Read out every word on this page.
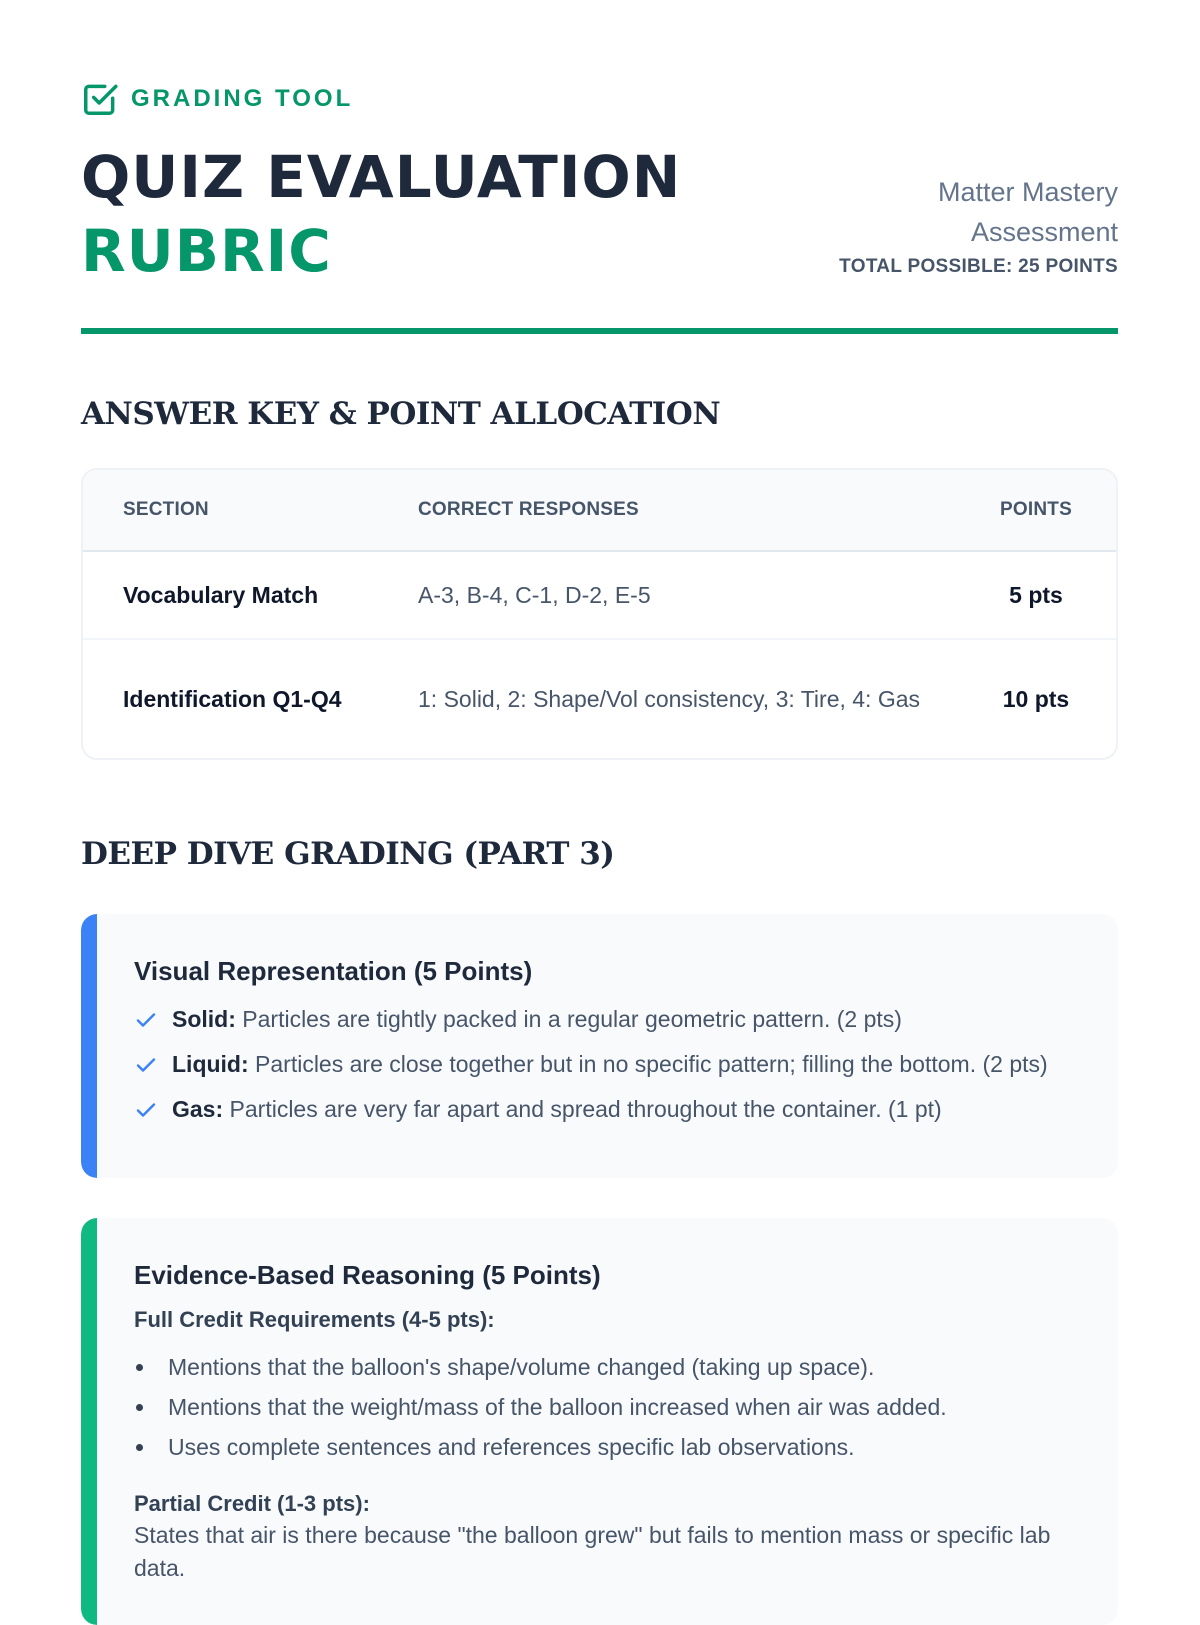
GRADING TOOL
QUIZ EVALUATION
RUBRIC
Matter Mastery Assessment
TOTAL POSSIBLE: 25 POINTS
ANSWER KEY & POINT ALLOCATION
SECTION	CORRECT RESPONSES	POINTS
Vocabulary Match	A-3, B-4, C-1, D-2, E-5	5 pts
Identification Q1-Q4	1: Solid, 2: Shape/Vol consistency, 3: Tire, 4: Gas	10 pts
DEEP DIVE GRADING (PART 3)
Visual Representation (5 Points)
Solid: Particles are tightly packed in a regular geometric pattern. (2 pts)
Liquid: Particles are close together but in no specific pattern; filling the bottom. (2 pts)
Gas: Particles are very far apart and spread throughout the container. (1 pt)
Evidence-Based Reasoning (5 Points)
Full Credit Requirements (4-5 pts):
Mentions that the balloon's shape/volume changed (taking up space).
Mentions that the weight/mass of the balloon increased when air was added.
Uses complete sentences and references specific lab observations.
Partial Credit (1-3 pts):

States that air is there because "the balloon grew" but fails to mention mass or specific lab data.
